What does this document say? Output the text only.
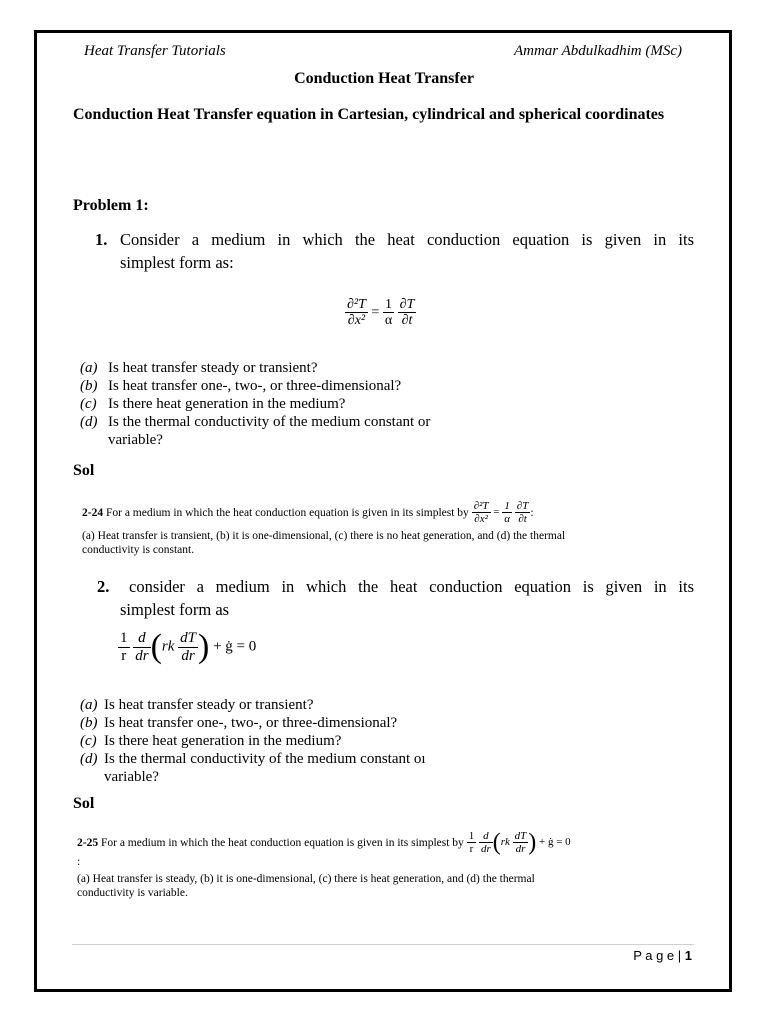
Heat Transfer Tutorials	Ammar Abdulkadhim (MSc)
Conduction Heat Transfer
Conduction Heat Transfer equation in Cartesian, cylindrical and spherical coordinates
Problem 1:
1. Consider a medium in which the heat conduction equation is given in its
simplest form as:
$\frac{\text{∂²T}}{\text{∂x²}} = \frac{1}{\alpha}$
$\frac{\partial T}{\partial t}$
(a) Is heat transfer steady or transient?
(b) Is heat transfer one-, two-, or three-dimensional?
(c) Is there heat generation in the medium?
(d) Is the thermal conductivity of the medium constant or
variable?
Sol
2-24
For a medium in which the heat conduction equation is given in its simplest by
$\frac{\text{∂²T}}{\text{∂x²}} = \frac{1}{\alpha}$
$\frac{\partial T}{\partial t}$ :
(a) Heat transfer is transient, (b) it is one-dimensional, (c) there is no heat generation, and (d) the thermal
conductivity is constant.
2. consider a medium in which the heat conduction equation is given in its
simplest form as
$\frac{1}{r}$
$\frac{d}{dr} (rk \frac{dT}{dr}$ ) + ġ = 0
(a) Is heat transfer steady or transient?
(b) Is heat transfer one-, two-, or three-dimensional?
(c) Is there heat generation in the medium?
(d) Is the thermal conductivity of the medium constant oı
variable?
Sol
2-25
For a medium in which the heat conduction equation is given in its simplest by
$\frac{1}{r}$
$\frac{d}{dr} (rk \frac{dT}{dr}$ ) + ġ = 0
:
(a) Heat transfer is steady, (b) it is one-dimensional, (c) there is heat generation, and (d) the thermal
conductivity is variable.
P a g e | 1
